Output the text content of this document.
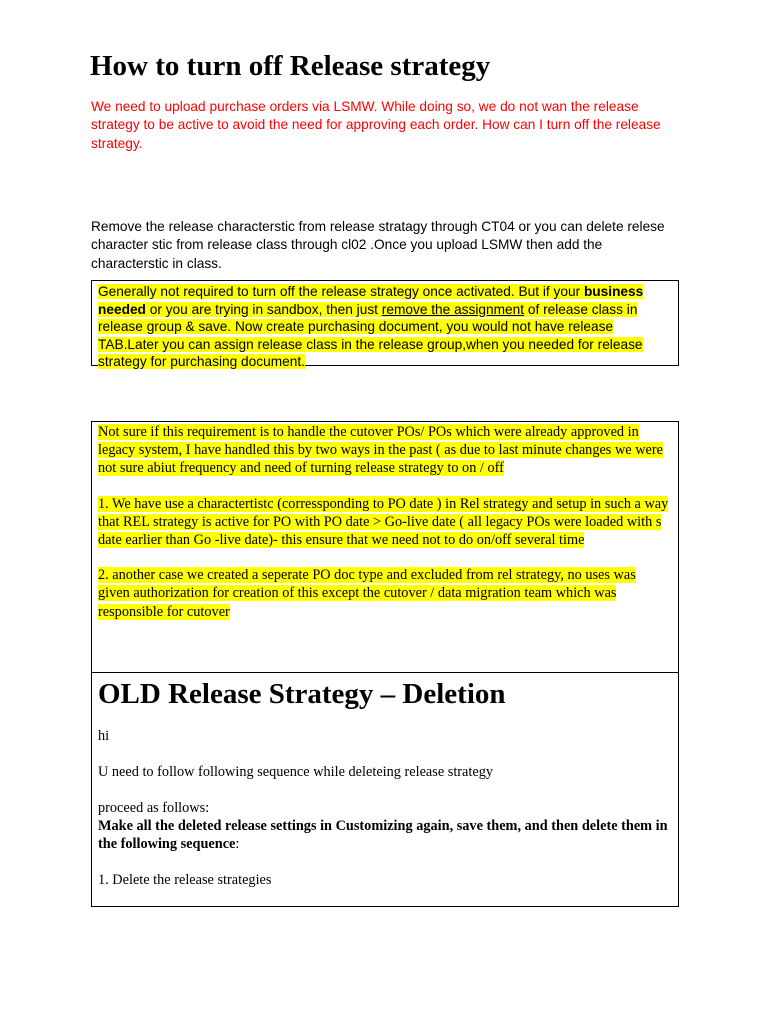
How to turn off Release strategy

We need to upload purchase orders via LSMW. While doing so, we do not wan the release strategy to be active to avoid the need for approving each order. How can I turn off the release strategy.

Remove the release characterstic from release stratagy through CT04 or you can delete relese character stic from release class through cl02 .Once you upload LSMW then add the characterstic in class.

Generally not required to turn off the release strategy once activated. But if your business needed or you are trying in sandbox, then just remove the assignment of release class in release group & save. Now create purchasing document, you would not have release TAB.Later you can assign release class in the release group,when you needed for release strategy for purchasing document.

Not sure if this requirement is to handle the cutover POs/ POs which were already approved in legacy system, I have handled this by two ways in the past ( as due to last minute changes we were not sure abiut frequency and need of turning release strategy to on / off

1. We have use a charactertistc (corressponding to PO date ) in Rel strategy and setup in such a way that REL strategy is active for PO with PO date > Go-live date ( all legacy POs were loaded with s date earlier than Go -live date)- this ensure that we need not to do on/off several time

2. another case we created a seperate PO doc type and excluded from rel strategy, no uses was given authorization for creation of this except the cutover / data migration team which was responsible for cutover

OLD Release Strategy – Deletion

hi

U need to follow following sequence while deleteing release strategy

proceed as follows:

Make all the deleted release settings in Customizing again, save them, and then delete them in the following sequence:

1. Delete the release strategies
